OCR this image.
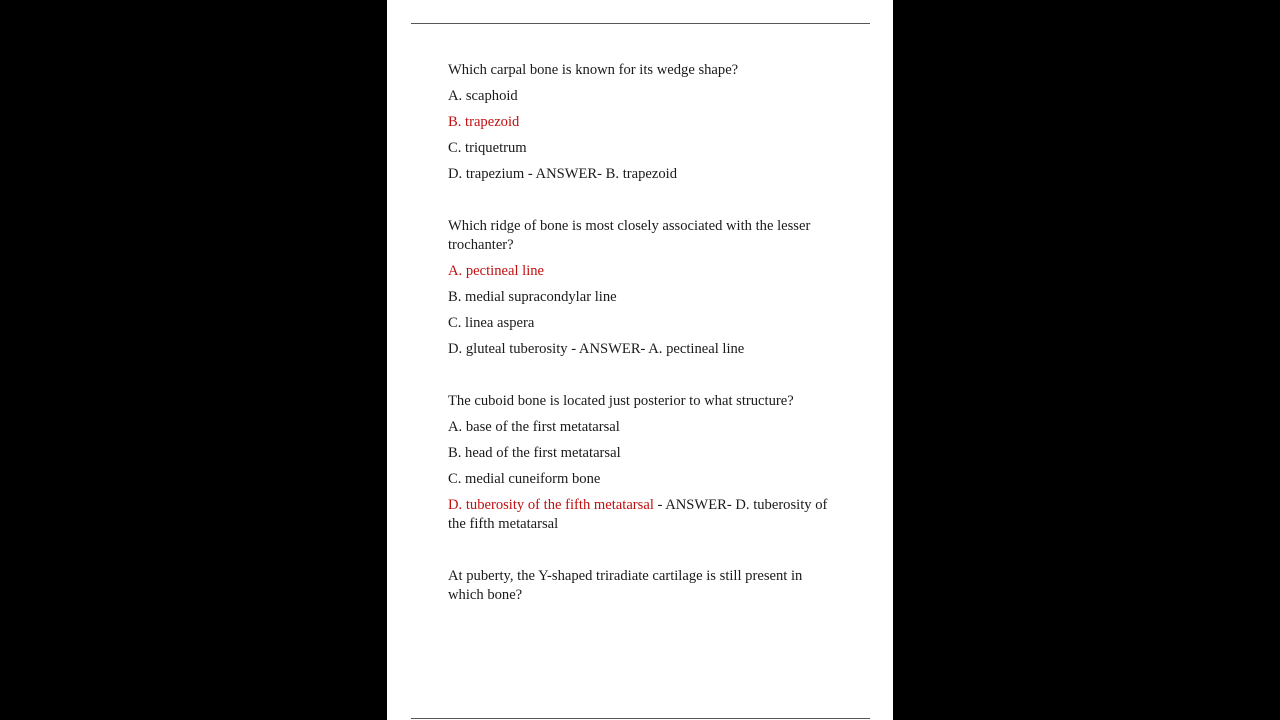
Which carpal bone is known for its wedge shape?

A. scaphoid

B. trapezoid

C. triquetrum

D. trapezium - ANSWER- B. trapezoid

Which ridge of bone is most closely associated with the lesser trochanter?

A. pectineal line

B. medial supracondylar line

C. linea aspera

D. gluteal tuberosity - ANSWER- A. pectineal line

The cuboid bone is located just posterior to what structure?

A. base of the first metatarsal

B. head of the first metatarsal

C. medial cuneiform bone

D. tuberosity of the fifth metatarsal - ANSWER- D. tuberosity of the fifth metatarsal

At puberty, the Y-shaped triradiate cartilage is still present in which bone?
